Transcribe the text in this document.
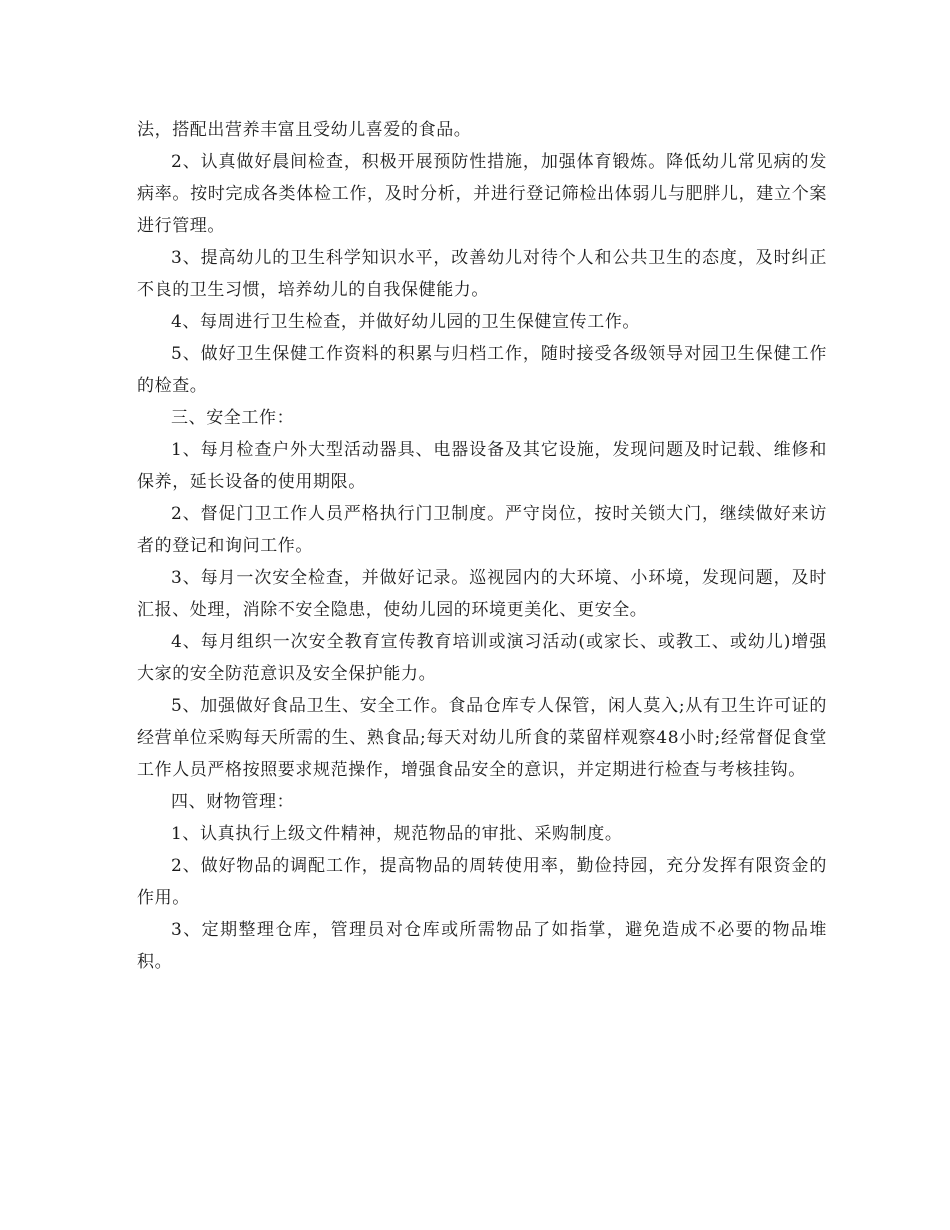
法，搭配出营养丰富且受幼儿喜爱的食品。

2、认真做好晨间检查，积极开展预防性措施，加强体育锻炼。降低幼儿常见病的发病率。按时完成各类体检工作，及时分析，并进行登记筛检出体弱儿与肥胖儿，建立个案进行管理。

3、提高幼儿的卫生科学知识水平，改善幼儿对待个人和公共卫生的态度，及时纠正不良的卫生习惯，培养幼儿的自我保健能力。

4、每周进行卫生检查，并做好幼儿园的卫生保健宣传工作。

5、做好卫生保健工作资料的积累与归档工作，随时接受各级领导对园卫生保健工作的检查。

三、安全工作：

1、每月检查户外大型活动器具、电器设备及其它设施，发现问题及时记载、维修和保养，延长设备的使用期限。

2、督促门卫工作人员严格执行门卫制度。严守岗位，按时关锁大门，继续做好来访者的登记和询问工作。

3、每月一次安全检查，并做好记录。巡视园内的大环境、小环境，发现问题，及时汇报、处理，消除不安全隐患，使幼儿园的环境更美化、更安全。

4、每月组织一次安全教育宣传教育培训或演习活动(或家长、或教工、或幼儿)增强大家的安全防范意识及安全保护能力。

5、加强做好食品卫生、安全工作。食品仓库专人保管，闲人莫入;从有卫生许可证的经营单位采购每天所需的生、熟食品;每天对幼儿所食的菜留样观察48小时;经常督促食堂工作人员严格按照要求规范操作，增强食品安全的意识，并定期进行检查与考核挂钩。

四、财物管理：

1、认真执行上级文件精神，规范物品的审批、采购制度。

2、做好物品的调配工作，提高物品的周转使用率，勤俭持园，充分发挥有限资金的作用。

3、定期整理仓库，管理员对仓库或所需物品了如指掌，避免造成不必要的物品堆积。
